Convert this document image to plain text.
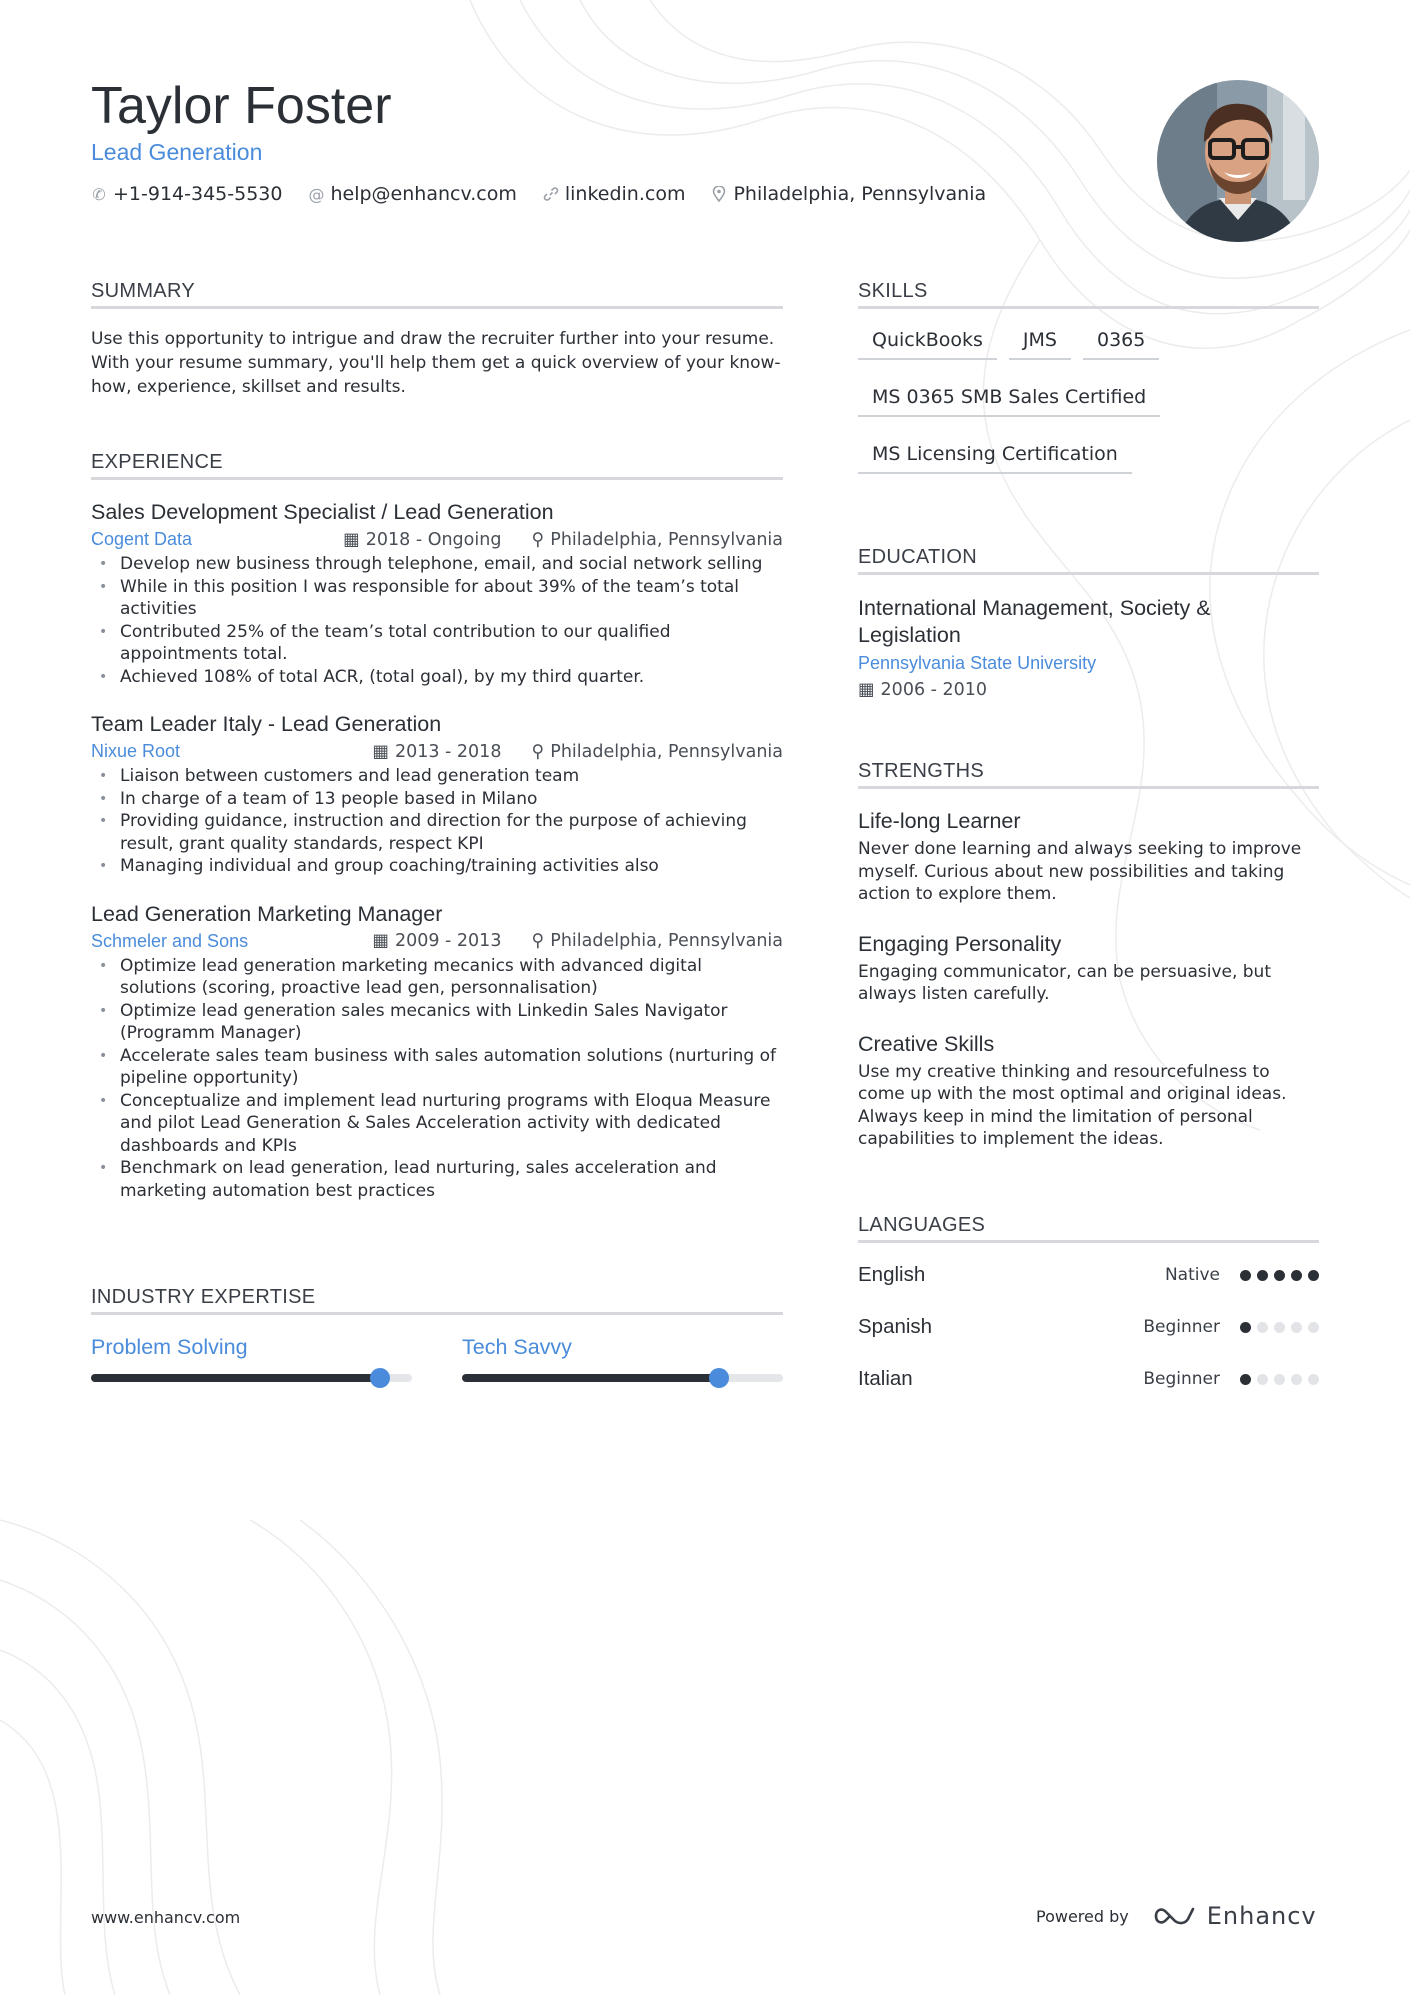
Taylor Foster
Lead Generation
✆ +1-914-345-5530 @ help@enhancv.com	linkedin.com	Philadelphia, Pennsylvania
SUMMARY
Use this opportunity to intrigue and draw the recruiter further into your resume. With your resume summary, you'll help them get a quick overview of your know-how, experience, skillset and results.
EXPERIENCE
Sales Development Specialist / Lead Generation
Cogent Data	▦ 2018 - Ongoing ⚲ Philadelphia, Pennsylvania
• Develop new business through telephone, email, and social network selling
• While in this position I was responsible for about 39% of the team’s total activities
• Contributed 25% of the team’s total contribution to our qualified appointments total.
• Achieved 108% of total ACR, (total goal), by my third quarter.
Team Leader Italy - Lead Generation
Nixue Root	▦ 2013 - 2018 ⚲ Philadelphia, Pennsylvania
• Liaison between customers and lead generation team
• In charge of a team of 13 people based in Milano
• Providing guidance, instruction and direction for the purpose of achieving result, grant quality standards, respect KPI
• Managing individual and group coaching/training activities also
Lead Generation Marketing Manager
Schmeler and Sons	▦ 2009 - 2013 ⚲ Philadelphia, Pennsylvania
• Optimize lead generation marketing mecanics with advanced digital solutions (scoring, proactive lead gen, personnalisation)
• Optimize lead generation sales mecanics with Linkedin Sales Navigator (Programm Manager)
• Accelerate sales team business with sales automation solutions (nurturing of pipeline opportunity)
• Conceptualize and implement lead nurturing programs with Eloqua Measure and pilot Lead Generation & Sales Acceleration activity with dedicated dashboards and KPIs
• Benchmark on lead generation, lead nurturing, sales acceleration and marketing automation best practices
INDUSTRY EXPERTISE
Problem Solving	Tech Savvy
SKILLS
QuickBooks	JMS	0365
MS 0365 SMB Sales Certified
MS Licensing Certification
EDUCATION
International Management, Society & Legislation
Pennsylvania State University
▦ 2006 - 2010
STRENGTHS
Life-long Learner
Never done learning and always seeking to improve myself. Curious about new possibilities and taking action to explore them.
Engaging Personality
Engaging communicator, can be persuasive, but always listen carefully.
Creative Skills
Use my creative thinking and resourcefulness to come up with the most optimal and original ideas. Always keep in mind the limitation of personal capabilities to implement the ideas.
LANGUAGES
English	Native
Spanish	Beginner
Italian	Beginner
www.enhancv.com	Powered by	Enhancv
